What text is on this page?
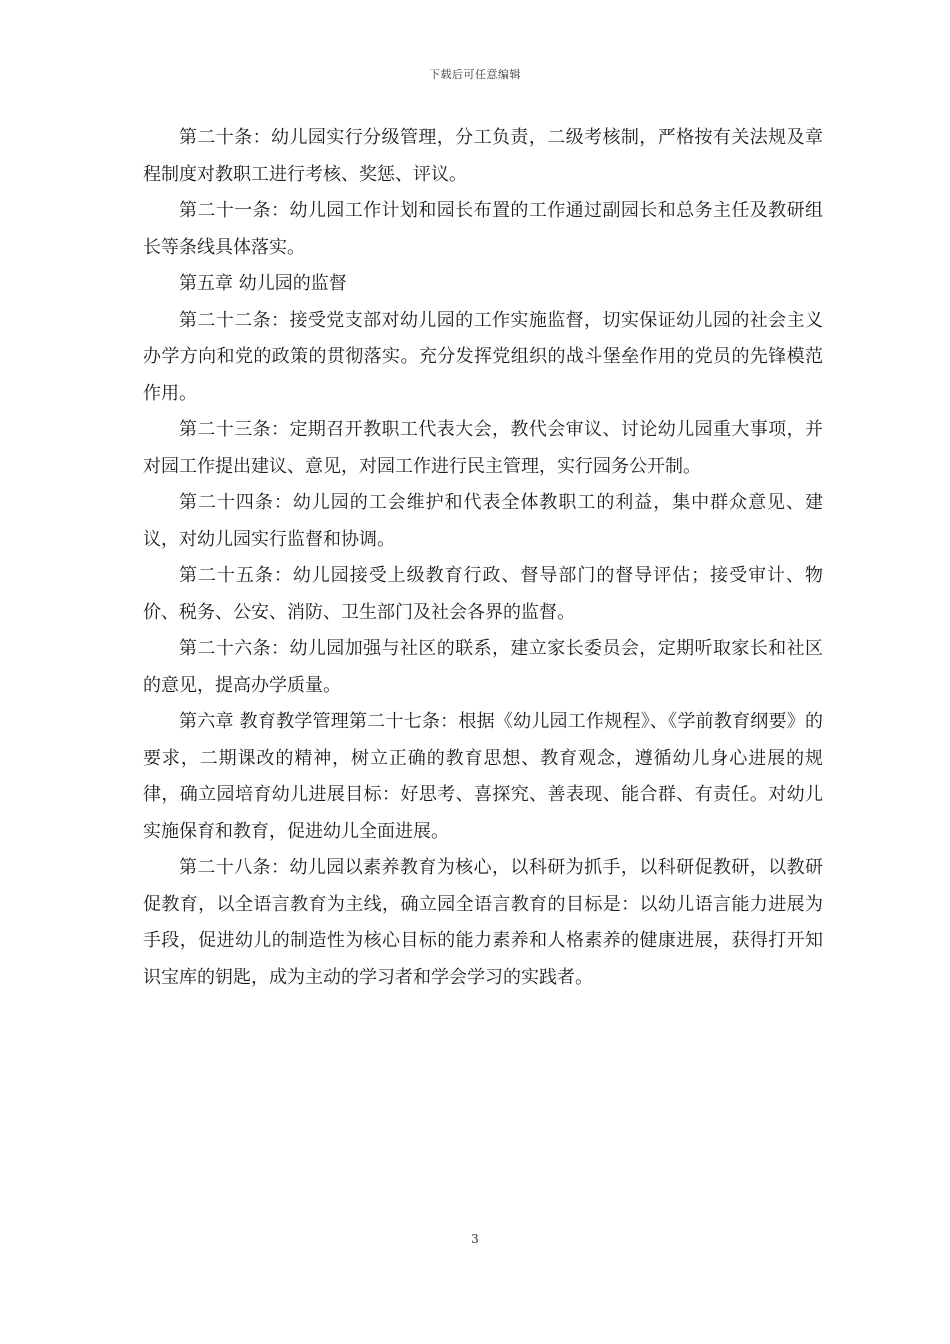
下载后可任意编辑

第二十条：幼儿园实行分级管理，分工负责，二级考核制，严格按有关法规及章程制度对教职工进行考核、奖惩、评议。

第二十一条：幼儿园工作计划和园长布置的工作通过副园长和总务主任及教研组长等条线具体落实。

第五章 幼儿园的监督

第二十二条：接受党支部对幼儿园的工作实施监督，切实保证幼儿园的社会主义办学方向和党的政策的贯彻落实。充分发挥党组织的战斗堡垒作用的党员的先锋模范作用。

第二十三条：定期召开教职工代表大会，教代会审议、讨论幼儿园重大事项，并对园工作提出建议、意见，对园工作进行民主管理，实行园务公开制。

第二十四条：幼儿园的工会维护和代表全体教职工的利益，集中群众意见、建议，对幼儿园实行监督和协调。

第二十五条：幼儿园接受上级教育行政、督导部门的督导评估；接受审计、物价、税务、公安、消防、卫生部门及社会各界的监督。

第二十六条：幼儿园加强与社区的联系，建立家长委员会，定期听取家长和社区的意见，提高办学质量。

第六章 教育教学管理第二十七条：根据《幼儿园工作规程》、《学前教育纲要》的要求，二期课改的精神，树立正确的教育思想、教育观念，遵循幼儿身心进展的规律，确立园培育幼儿进展目标：好思考、喜探究、善表现、能合群、有责任。对幼儿实施保育和教育，促进幼儿全面进展。

第二十八条：幼儿园以素养教育为核心，以科研为抓手，以科研促教研，以教研促教育，以全语言教育为主线，确立园全语言教育的目标是：以幼儿语言能力进展为手段，促进幼儿的制造性为核心目标的能力素养和人格素养的健康进展，获得打开知识宝库的钥匙，成为主动的学习者和学会学习的实践者。

3
